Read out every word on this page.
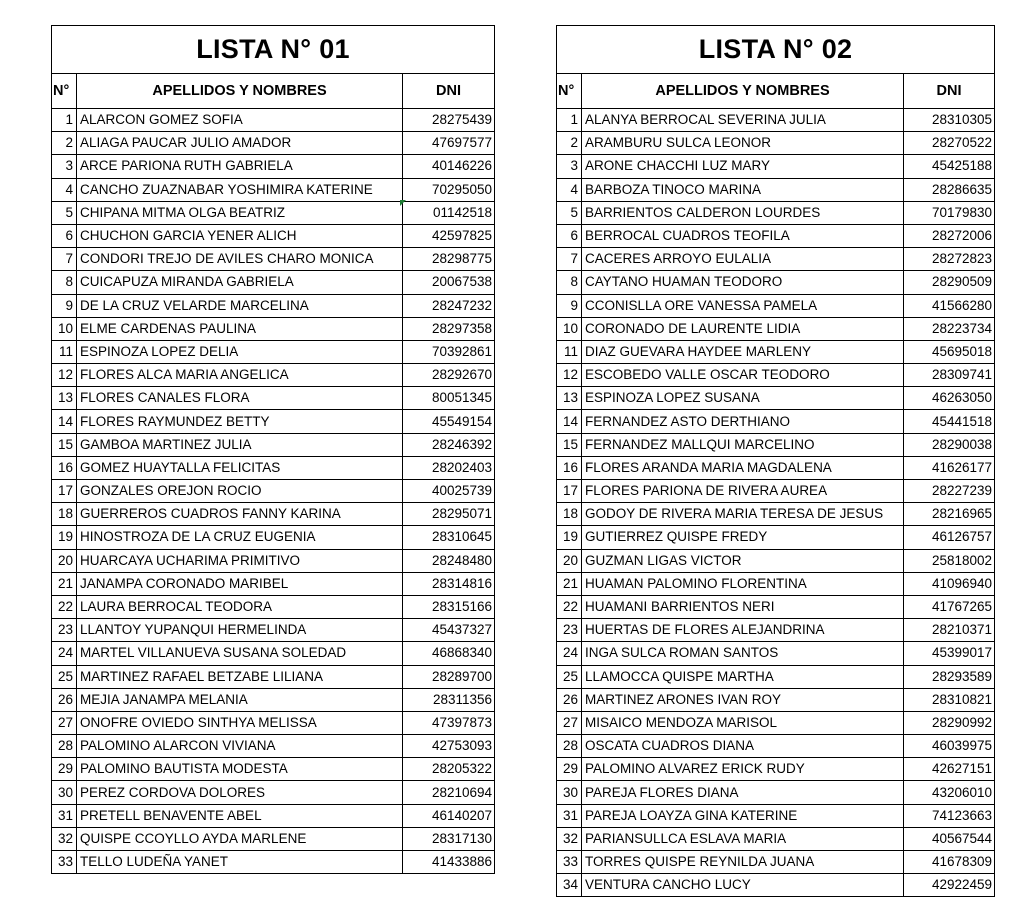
LISTA N° 01		
N°	APELLIDOS Y NOMBRES	DNI
1	ALARCON GOMEZ SOFIA	28275439
2	ALIAGA PAUCAR JULIO AMADOR	47697577
3	ARCE PARIONA RUTH GABRIELA	40146226
4	CANCHO ZUAZNABAR YOSHIMIRA KATERINE	70295050
5	CHIPANA MITMA OLGA BEATRIZ	01142518
6	CHUCHON GARCIA YENER ALICH	42597825
7	CONDORI TREJO DE AVILES CHARO MONICA	28298775
8	CUICAPUZA MIRANDA GABRIELA	20067538
9	DE LA CRUZ VELARDE MARCELINA	28247232
10	ELME CARDENAS PAULINA	28297358
11	ESPINOZA LOPEZ DELIA	70392861
12	FLORES ALCA MARIA ANGELICA	28292670
13	FLORES CANALES FLORA	80051345
14	FLORES RAYMUNDEZ BETTY	45549154
15	GAMBOA MARTINEZ JULIA	28246392
16	GOMEZ HUAYTALLA FELICITAS	28202403
17	GONZALES OREJON ROCIO	40025739
18	GUERREROS CUADROS FANNY KARINA	28295071
19	HINOSTROZA DE LA CRUZ EUGENIA	28310645
20	HUARCAYA UCHARIMA PRIMITIVO	28248480
21	JANAMPA CORONADO MARIBEL	28314816
22	LAURA BERROCAL TEODORA	28315166
23	LLANTOY YUPANQUI HERMELINDA	45437327
24	MARTEL VILLANUEVA SUSANA SOLEDAD	46868340
25	MARTINEZ RAFAEL BETZABE LILIANA	28289700
26	MEJIA JANAMPA MELANIA	28311356
27	ONOFRE OVIEDO SINTHYA MELISSA	47397873
28	PALOMINO ALARCON VIVIANA	42753093
29	PALOMINO BAUTISTA MODESTA	28205322
30	PEREZ CORDOVA DOLORES	28210694
31	PRETELL BENAVENTE ABEL	46140207
32	QUISPE CCOYLLO AYDA MARLENE	28317130
33	TELLO LUDEÑA YANET	41433886
LISTA N° 02		
N°	APELLIDOS Y NOMBRES	DNI
1	ALANYA BERROCAL SEVERINA JULIA	28310305
2	ARAMBURU SULCA LEONOR	28270522
3	ARONE CHACCHI LUZ MARY	45425188
4	BARBOZA TINOCO MARINA	28286635
5	BARRIENTOS CALDERON LOURDES	70179830
6	BERROCAL CUADROS TEOFILA	28272006
7	CACERES ARROYO EULALIA	28272823
8	CAYTANO HUAMAN TEODORO	28290509
9	CCONISLLA ORE VANESSA PAMELA	41566280
10	CORONADO DE LAURENTE LIDIA	28223734
11	DIAZ GUEVARA HAYDEE MARLENY	45695018
12	ESCOBEDO VALLE OSCAR TEODORO	28309741
13	ESPINOZA LOPEZ SUSANA	46263050
14	FERNANDEZ ASTO DERTHIANO	45441518
15	FERNANDEZ MALLQUI MARCELINO	28290038
16	FLORES ARANDA MARIA MAGDALENA	41626177
17	FLORES PARIONA DE RIVERA AUREA	28227239
18	GODOY DE RIVERA MARIA TERESA DE JESUS	28216965
19	GUTIERREZ QUISPE FREDY	46126757
20	GUZMAN LIGAS VICTOR	25818002
21	HUAMAN PALOMINO FLORENTINA	41096940
22	HUAMANI BARRIENTOS NERI	41767265
23	HUERTAS DE FLORES ALEJANDRINA	28210371
24	INGA SULCA ROMAN SANTOS	45399017
25	LLAMOCCA QUISPE MARTHA	28293589
26	MARTINEZ ARONES IVAN ROY	28310821
27	MISAICO MENDOZA MARISOL	28290992
28	OSCATA CUADROS DIANA	46039975
29	PALOMINO ALVAREZ ERICK RUDY	42627151
30	PAREJA FLORES DIANA	43206010
31	PAREJA LOAYZA GINA KATERINE	74123663
32	PARIANSULLCA ESLAVA MARIA	40567544
33	TORRES QUISPE REYNILDA JUANA	41678309
34	VENTURA CANCHO LUCY	42922459
